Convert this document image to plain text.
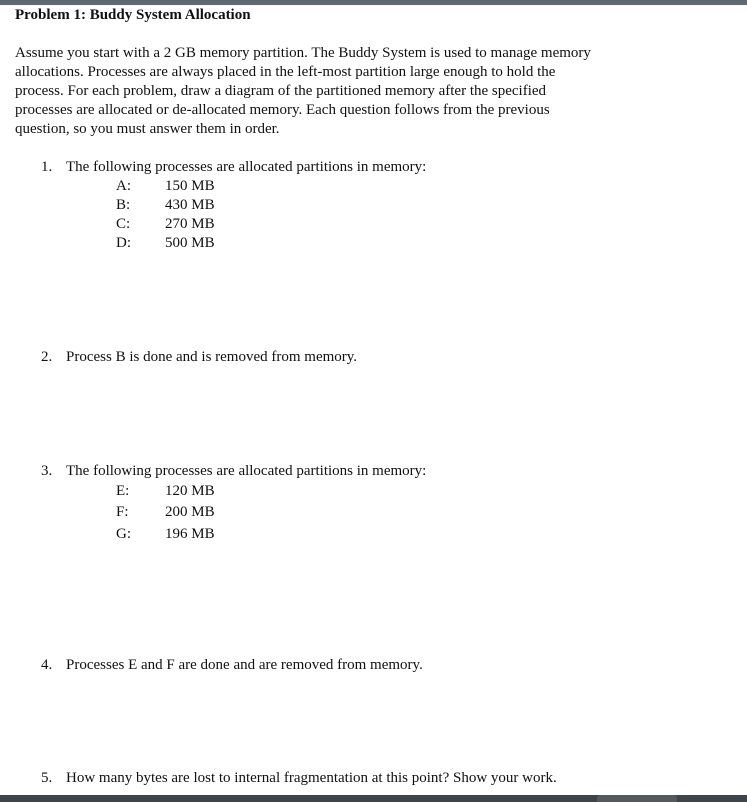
Problem 1: Buddy System Allocation
Assume you start with a 2 GB memory partition. The Buddy System is used to manage memory
allocations. Processes are always placed in the left-most partition large enough to hold the
process. For each problem, draw a diagram of the partitioned memory after the specified
processes are allocated or de-allocated memory. Each question follows from the previous
question, so you must answer them in order.
1. The following processes are allocated partitions in memory:
A: 150 MB
B: 430 MB
C: 270 MB
D: 500 MB
2. Process B is done and is removed from memory.
3. The following processes are allocated partitions in memory:
E: 120 MB
F: 200 MB
G: 196 MB
4. Processes E and F are done and are removed from memory.
5. How many bytes are lost to internal fragmentation at this point? Show your work.
